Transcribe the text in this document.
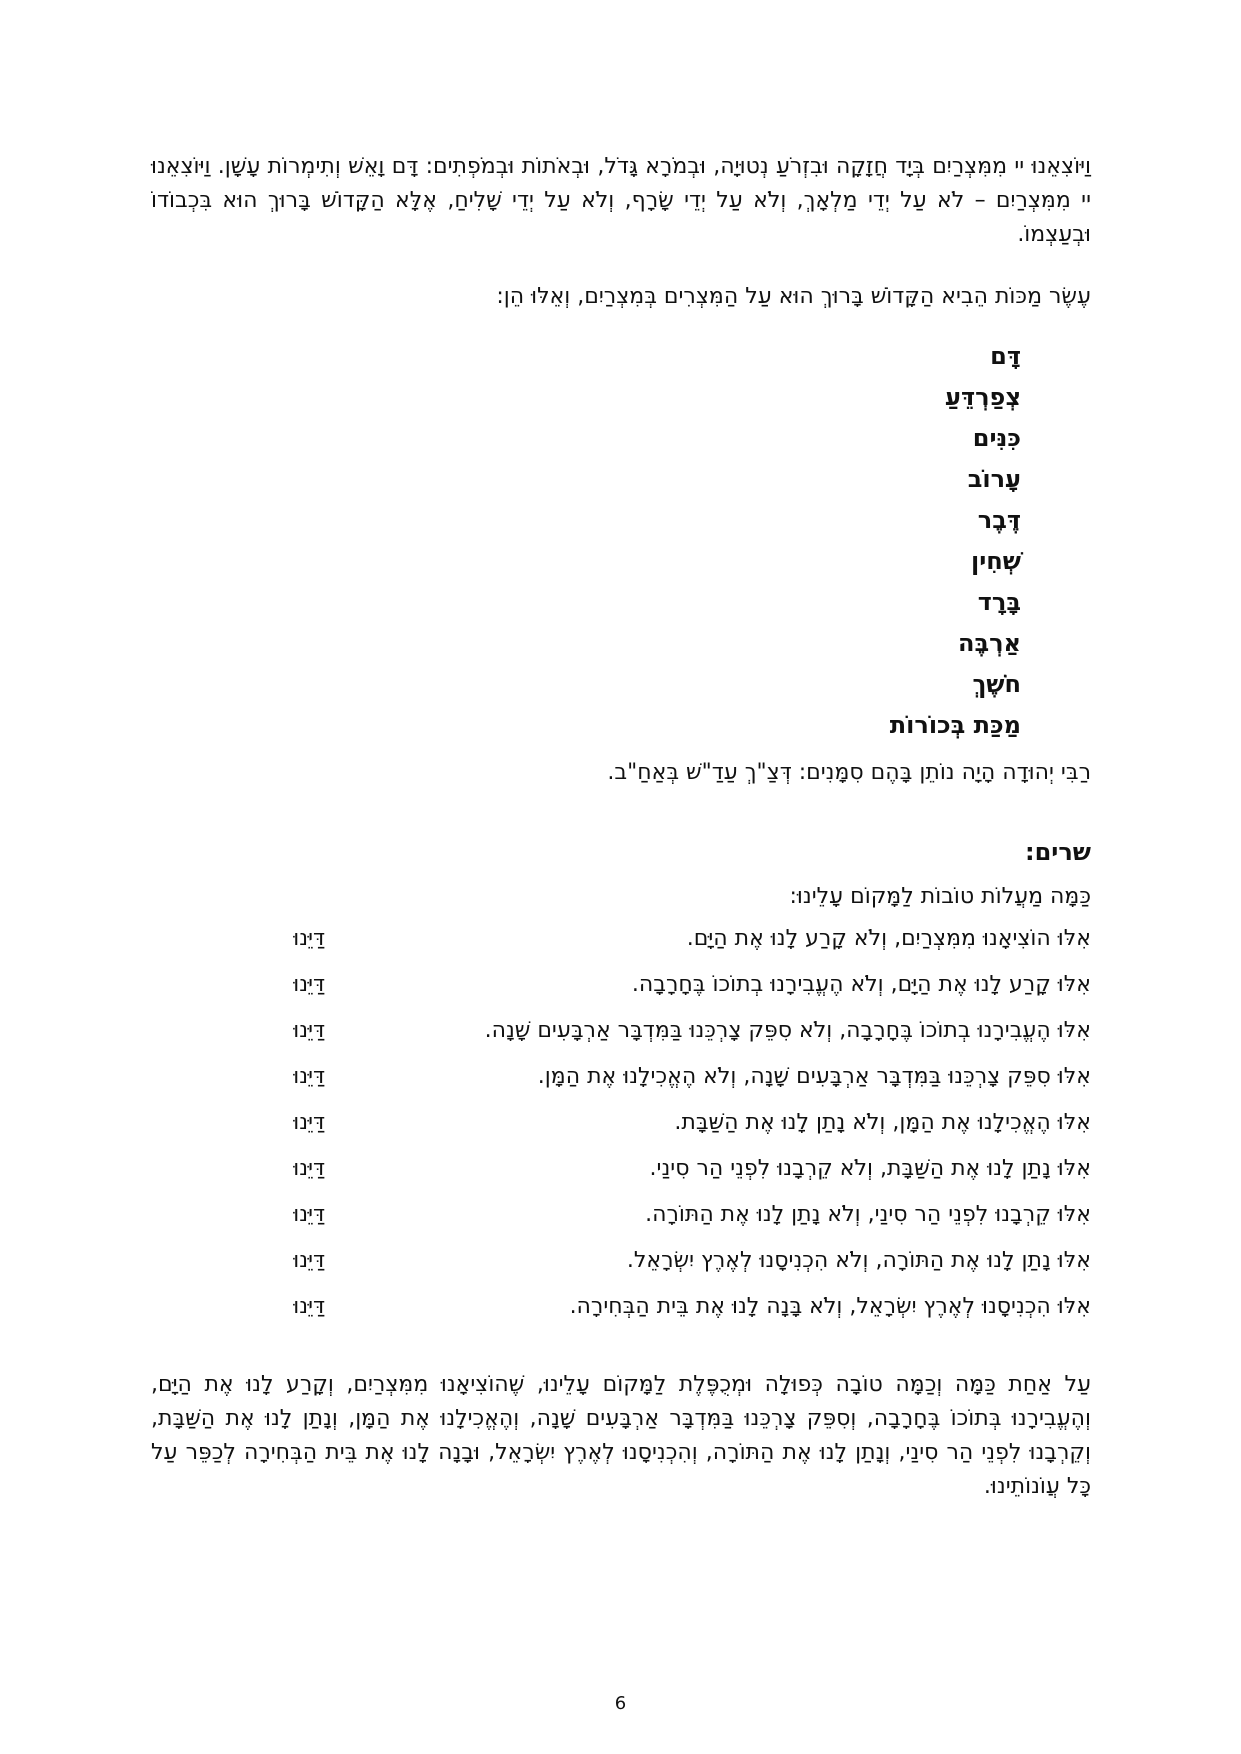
וַיּוֹצִאֵנוּ יי מִמִּצְרַיִם בְּיָד חֲזָקָה וּבִזְרֹעַ נְטוּיָה, וּבְמֹרָא גָּדֹל, וּבְאֹתוֹת וּבְמֹפְתִים: דָּם וָאֵשׁ וְתִימְרוֹת עָשָׁן. וַיּוֹצִאֵנוּ יי מִמִּצְרַיִם – לֹא עַל יְדֵי מַלְאָךְ, וְלֹא עַל יְדֵי שָׂרָף, וְלֹא עַל יְדֵי שָׁלִיחַ, אֶלָּא הַקָּדוֹשׁ בָּרוּךְ הוּא בִּכְבוֹדוֹ וּבְעַצְמוֹ.

עֶשֶׂר מַכּוֹת הֵבִיא הַקָּדוֹשׁ בָּרוּךְ הוּא עַל הַמִּצְרִים בְּמִצְרַיִם, וְאֵלּוּ הֵן:

דָּם
צְפַרְדֵּעַ
כִּנִּים
עָרוֹב
דֶּבֶר
שְׁחִין
בָּרָד
אַרְבֶּה
חֹשֶׁךְ
מַכַּת בְּכוֹרוֹת

רַבִּי יְהוּדָה הָיָה נוֹתֵן בָּהֶם סִמָּנִים: דְּצַ"ךְ עַדַ"שׁ בְּאַחַ"ב.

שרים:

כַּמָּה מַעֲלוֹת טוֹבוֹת לַמָּקוֹם עָלֵינוּ:

אִלּוּ הוֹצִיאָנוּ מִמִּצְרַיִם, וְלֹא קָרַע לָנוּ אֶת הַיָּם.
דַּיֵּנוּ
אִלּוּ קָרַע לָנוּ אֶת הַיָּם, וְלֹא הֶעֱבִירָנוּ בְתוֹכוֹ בֶּחָרָבָה.
דַּיֵּנוּ
אִלּוּ הֶעֱבִירָנוּ בְתוֹכוֹ בֶּחָרָבָה, וְלֹא סִפֵּק צָרְכֵּנוּ בַּמִּדְבָּר אַרְבָּעִים שָׁנָה.
דַּיֵּנוּ
אִלּוּ סִפֵּק צָרְכֵּנוּ בַּמִּדְבָּר אַרְבָּעִים שָׁנָה, וְלֹא הֶאֱכִילָנוּ אֶת הַמָּן.
דַּיֵּנוּ
אִלּוּ הֶאֱכִילָנוּ אֶת הַמָּן, וְלֹא נָתַן לָנוּ אֶת הַשַּׁבָּת.
דַּיֵּנוּ
אִלּוּ נָתַן לָנוּ אֶת הַשַּׁבָּת, וְלֹא קֵרְבָנוּ לִפְנֵי הַר סִינַי.
דַּיֵּנוּ
אִלּוּ קֵרְבָנוּ לִפְנֵי הַר סִינַי, וְלֹא נָתַן לָנוּ אֶת הַתּוֹרָה.
דַּיֵּנוּ
אִלּוּ נָתַן לָנוּ אֶת הַתּוֹרָה, וְלֹא הִכְנִיסָנוּ לְאֶרֶץ יִשְׂרָאֵל.
דַּיֵּנוּ
אִלּוּ הִכְנִיסָנוּ לְאֶרֶץ יִשְׂרָאֵל, וְלֹא בָּנָה לָנוּ אֶת בֵּית הַבְּחִירָה.
דַּיֵּנוּ

עַל אַחַת כַּמָּה וְכַמָּה טוֹבָה כְּפוּלָה וּמְכֻפֶּלֶת לַמָּקוֹם עָלֵינוּ, שֶׁהוֹצִיאָנוּ מִמִּצְרַיִם, וְקָרַע לָנוּ אֶת הַיָּם, וְהֶעֱבִירָנוּ בְּתוֹכוֹ בֶּחָרָבָה, וְסִפֵּק צָרְכֵּנוּ בַּמִּדְבָּר אַרְבָּעִים שָׁנָה, וְהֶאֱכִילָנוּ אֶת הַמָּן, וְנָתַן לָנוּ אֶת הַשַּׁבָּת, וְקֵרְבָנוּ לִפְנֵי הַר סִינַי, וְנָתַן לָנוּ אֶת הַתּוֹרָה, וְהִכְנִיסָנוּ לְאֶרֶץ יִשְׂרָאֵל, וּבָנָה לָנוּ אֶת בֵּית הַבְּחִירָה לְכַפֵּר עַל כָּל עֲוֹנוֹתֵינוּ.

6
